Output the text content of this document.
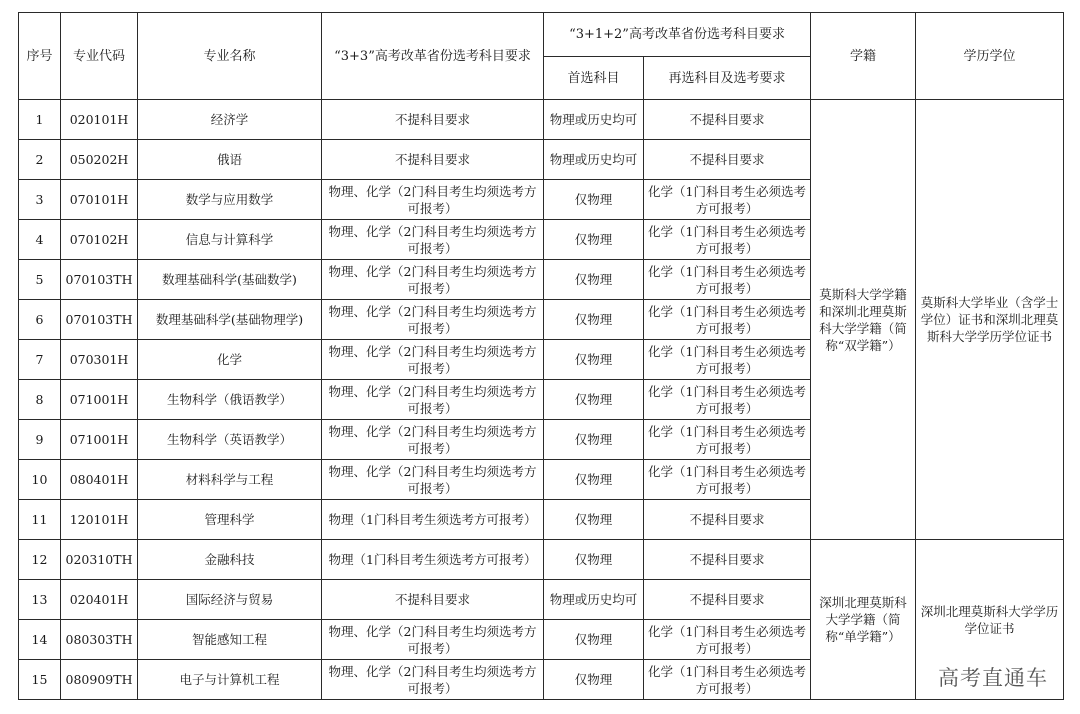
序号	专业代码	专业名称	“3+3”高考改革省份选考科目要求	“3+1+2”高考改革省份选考科目要求		学籍	学历学位
				首选科目	再选科目及选考要求		
1	020101H	经济学	不提科目要求	物理或历史均可	不提科目要求	莫斯科大学学籍和深圳北理莫斯科大学学籍（简称“双学籍”）	莫斯科大学毕业（含学士学位）证书和深圳北理莫斯科大学学历学位证书
2	050202H	俄语	不提科目要求	物理或历史均可	不提科目要求		
3	070101H	数学与应用数学	物理、化学（2门科目考生均须选考方可报考）	仅物理	化学（1门科目考生必须选考方可报考）		
4	070102H	信息与计算科学	物理、化学（2门科目考生均须选考方可报考）	仅物理	化学（1门科目考生必须选考方可报考）		
5	070103TH	数理基础科学(基础数学)	物理、化学（2门科目考生均须选考方可报考）	仅物理	化学（1门科目考生必须选考方可报考）		
6	070103TH	数理基础科学(基础物理学)	物理、化学（2门科目考生均须选考方可报考）	仅物理	化学（1门科目考生必须选考方可报考）		
7	070301H	化学	物理、化学（2门科目考生均须选考方可报考）	仅物理	化学（1门科目考生必须选考方可报考）		
8	071001H	生物科学（俄语教学）	物理、化学（2门科目考生均须选考方可报考）	仅物理	化学（1门科目考生必须选考方可报考）		
9	071001H	生物科学（英语教学）	物理、化学（2门科目考生均须选考方可报考）	仅物理	化学（1门科目考生必须选考方可报考）		
10	080401H	材料科学与工程	物理、化学（2门科目考生均须选考方可报考）	仅物理	化学（1门科目考生必须选考方可报考）		
11	120101H	管理科学	物理（1门科目考生须选考方可报考）	仅物理	不提科目要求		
12	020310TH	金融科技	物理（1门科目考生须选考方可报考）	仅物理	不提科目要求	深圳北理莫斯科大学学籍（简称“单学籍”）	深圳北理莫斯科大学学历学位证书
13	020401H	国际经济与贸易	不提科目要求	物理或历史均可	不提科目要求		
14	080303TH	智能感知工程	物理、化学（2门科目考生均须选考方可报考）	仅物理	化学（1门科目考生必须选考方可报考）		
15	080909TH	电子与计算机工程	物理、化学（2门科目考生均须选考方可报考）	仅物理	化学（1门科目考生必须选考方可报考）			高考直通车
